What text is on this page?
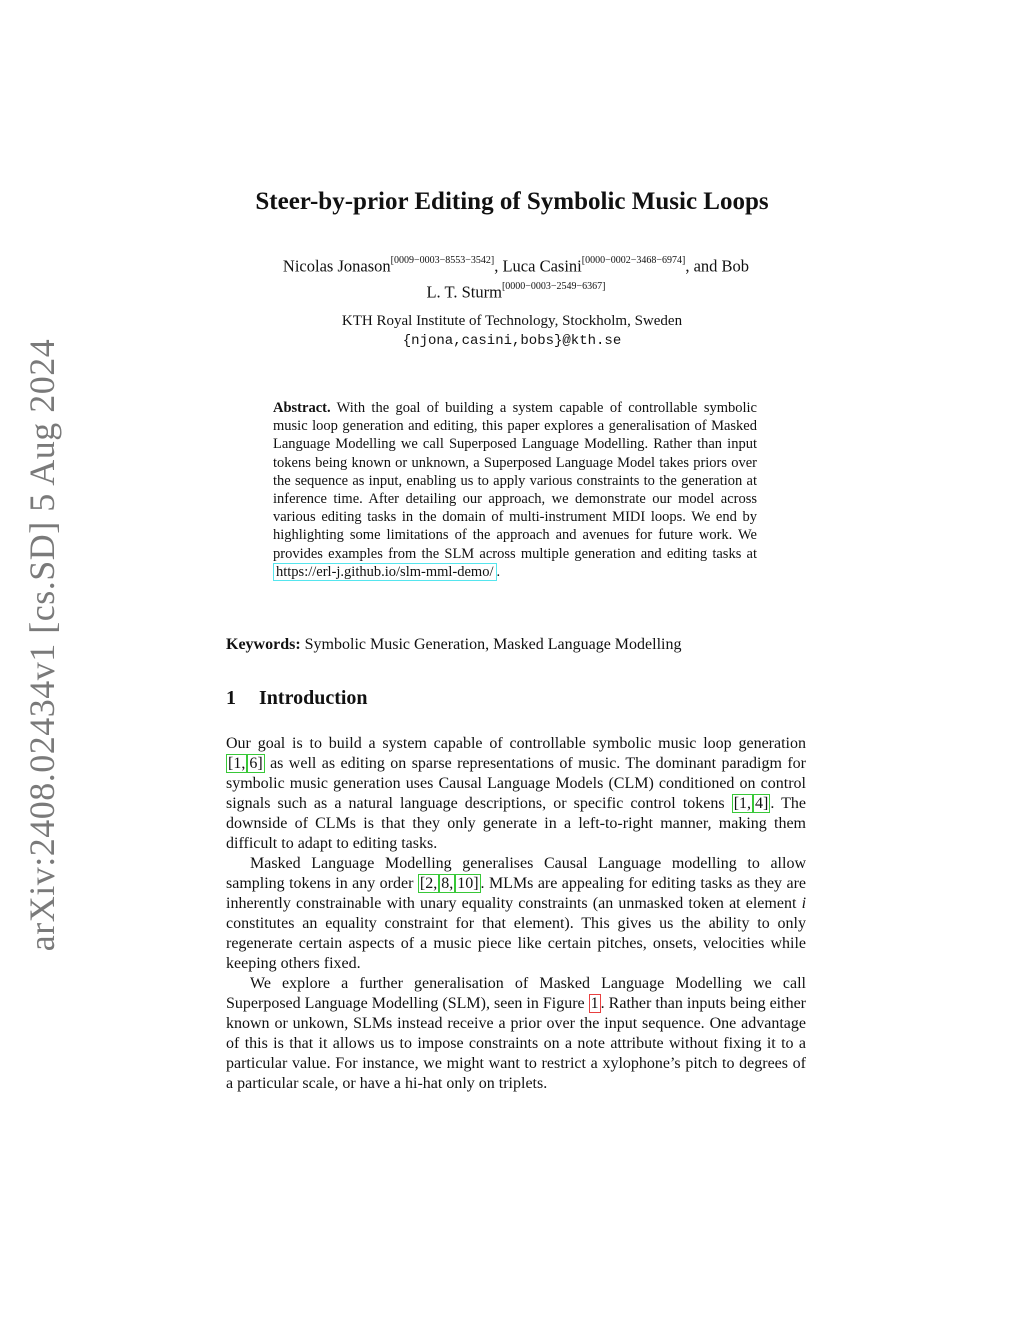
arXiv:2408.02434v1 [cs.SD] 5 Aug 2024
Steer-by-prior Editing of Symbolic Music Loops
Nicolas Jonason[0009−0003−8553−3542], Luca Casini[0000−0002−3468−6974], and Bob
L. T. Sturm[0000−0003−2549−6367]
KTH Royal Institute of Technology, Stockholm, Sweden
{njona,casini,bobs}@kth.se
Abstract. With the goal of building a system capable of controllable symbolic music loop generation and editing, this paper explores a generalisation of Masked Language Modelling we call Superposed Language Modelling. Rather than input tokens being known or unknown, a Superposed Language Model takes priors over the sequence as input, enabling us to apply various constraints to the generation at inference time. After detailing our approach, we demonstrate our model across various editing tasks in the domain of multi-instrument MIDI loops. We end by highlighting some limitations of the approach and avenues for future work. We provides examples from the SLM across multiple generation and editing tasks at https://erl-j.github.io/slm-mml-demo/ .
Keywords: Symbolic Music Generation, Masked Language Modelling
1 Introduction

Our goal is to build a system capable of controllable symbolic music loop generation [1, 6] as well as editing on sparse representations of music. The dominant paradigm for symbolic music generation uses Causal Language Models (CLM) conditioned on control signals such as a natural language descriptions, or specific control tokens [1, 4] . The downside of CLMs is that they only generate in a left-to-right manner, making them difficult to adapt to editing tasks.

Masked Language Modelling generalises Causal Language modelling to allow sampling tokens in any order [2, 8, 10] . MLMs are appealing for editing tasks as they are inherently constrainable with unary equality constraints (an unmasked token at element i constitutes an equality constraint for that element). This gives us the ability to only regenerate certain aspects of a music piece like certain pitches, onsets, velocities while keeping others fixed.

We explore a further generalisation of Masked Language Modelling we call Superposed Language Modelling (SLM), seen in Figure 1 . Rather than inputs being either known or unkown, SLMs instead receive a prior over the input sequence. One advantage of this is that it allows us to impose constraints on a note attribute without fixing it to a particular value. For instance, we might want to restrict a xylophone’s pitch to degrees of a particular scale, or have a hi-hat only on triplets.
